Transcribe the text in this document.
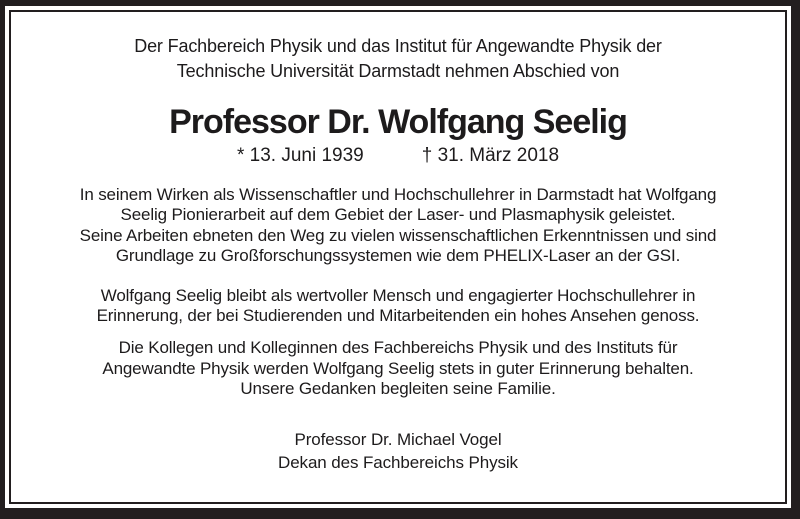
Der Fachbereich Physik und das Institut für Angewandte Physik der
Technische Universität Darmstadt nehmen Abschied von
Professor Dr. Wolfgang Seelig
* 13. Juni 1939	† 31. März 2018
In seinem Wirken als Wissenschaftler und Hochschullehrer in Darmstadt hat Wolfgang
Seelig Pionierarbeit auf dem Gebiet der Laser- und Plasmaphysik geleistet.
Seine Arbeiten ebneten den Weg zu vielen wissenschaftlichen Erkenntnissen und sind
Grundlage zu Großforschungssystemen wie dem PHELIX-Laser an der GSI.
Wolfgang Seelig bleibt als wertvoller Mensch und engagierter Hochschullehrer in
Erinnerung, der bei Studierenden und Mitarbeitenden ein hohes Ansehen genoss.
Die Kollegen und Kolleginnen des Fachbereichs Physik und des Instituts für
Angewandte Physik werden Wolfgang Seelig stets in guter Erinnerung behalten.
Unsere Gedanken begleiten seine Familie.
Professor Dr. Michael Vogel
Dekan des Fachbereichs Physik
